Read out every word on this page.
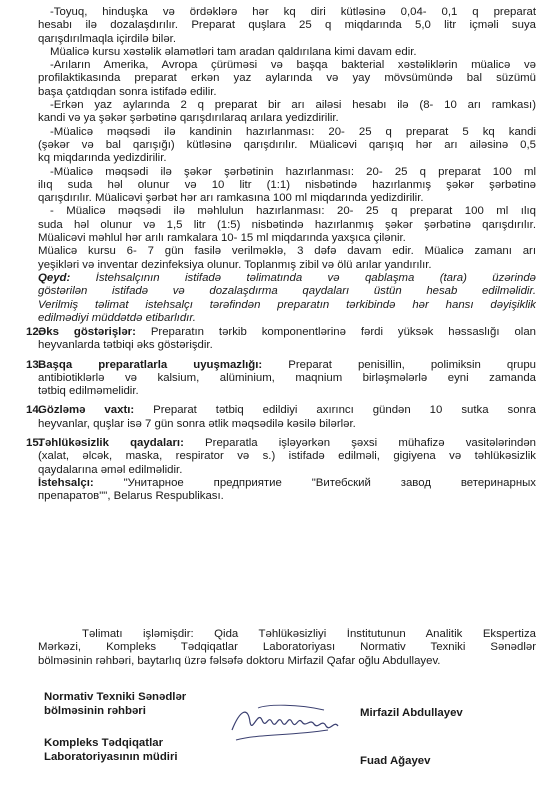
-Toyuq, hinduşka və ördəklərə hər kq diri kütləsinə 0,04- 0,1 q preparat
hesabı ilə dozalaşdırılır. Preparat quşlara 25 q miqdarında 5,0 litr içməli suya
qarışdırılmaqla içirdilə bilər.
Müalicə kursu xəstəlik əlamətləri tam aradan qaldırılana kimi davam edir.
-Arıların Amerika, Avropa çürüməsi və başqa bakterial xəstəliklərin müalicə və
profilaktikasında preparat erkən yaz aylarında və yay mövsümündə bal süzümü
başa çatdıqdan sonra istifadə edilir.
-Erkən yaz aylarında 2 q preparat bir arı ailəsi hesabı ilə (8- 10 arı ramkası)
kandi və ya şəkər şərbətinə qarışdırılaraq arılara yedizdirilir.
-Müalicə məqsədi ilə kandinin hazırlanması: 20- 25 q preparat 5 kq kandi
(şəkər və bal qarışığı) kütləsinə qarışdırılır. Müalicəvi qarışıq hər arı ailəsinə 0,5
kq miqdarında yedizdirilir.
-Müalicə məqsədi ilə şəkər şərbətinin hazırlanması: 20- 25 q preparat 100 ml
ilıq suda həl olunur və 10 litr (1:1) nisbətində hazırlanmış şəkər şərbətinə
qarışdırılır. Müalicəvi şərbət hər arı ramkasına 100 ml miqdarında yedizdirilir.
- Müalicə məqsədi ilə məhlulun hazırlanması: 20- 25 q preparat 100 ml ılıq
suda həl olunur və 1,5 litr (1:5) nisbətində hazırlanmış şəkər şərbətinə qarışdırılır.
Müalicəvi məhlul hər arılı ramkalara 10- 15 ml miqdarında yaxşıca çilənir.
Müalicə kursu 6- 7 gün fasilə verilməklə, 3 dəfə davam edir. Müalicə zamanı arı
yeşikləri və inventar dezinfeksiya olunur. Toplanmış zibil və ölü arılar yandırılır.
Qeyd: İstehsalçının istifadə təlimatında və qablaşma (tara) üzərində
göstərilən istifadə və dozalaşdırma qaydaları üstün hesab edilməlidir.
Verilmiş təlimat istehsalçı tərəfindən preparatın tərkibində hər hansı dəyişiklik
edilmədiyi müddətdə etibarlıdır.
12.
Əks göstərişlər: Preparatın tərkib komponentlərinə fərdi yüksək həssaslığı olan
heyvanlarda tətbiqi əks göstərişdir.
13.
Başqa preparatlarla uyuşmazlığı: Preparat penisillin, polimiksin qrupu
antibiotiklərlə və kalsium, alüminium, maqnium birləşmələrlə eyni zamanda
tətbiq edilməmelidir.
14.
Gözləmə vaxtı: Preparat tətbiq edildiyi axırıncı gündən 10 sutka sonra
heyvanlar, quşlar isə 7 gün sonra ətlik məqsədilə kəsilə bilərlər.
15.
Təhlükəsizlik qaydaları: Preparatla işləyərkən şəxsi mühafizə vasitələrindən
(xalat, əlcək, maska, respirator və s.) istifadə edilməli, gigiyena və təhlükəsizlik
qaydalarına əməl edilməlidir.
İstehsalçı: "Унитарное предприятие "Витебский завод ветеринарных
препаратов"", Belarus Respublikası.
Təlimatı işləmişdir: Qida Təhlükəsizliyi İnstitutunun Analitik Ekspertiza
Mərkəzi, Kompleks Tədqiqatlar Laboratoriyası Normativ Texniki Sənədlər
bölməsinin rəhbəri, baytarlıq üzrə fəlsəfə doktoru Mirfazil Qafar oğlu Abdullayev.
Normativ Texniki Sənədlər
bölməsinin rəhbəri	Mirfazil Abdullayev
Kompleks Tədqiqatlar
Laboratoriyasının müdiri	Fuad Ağayev
